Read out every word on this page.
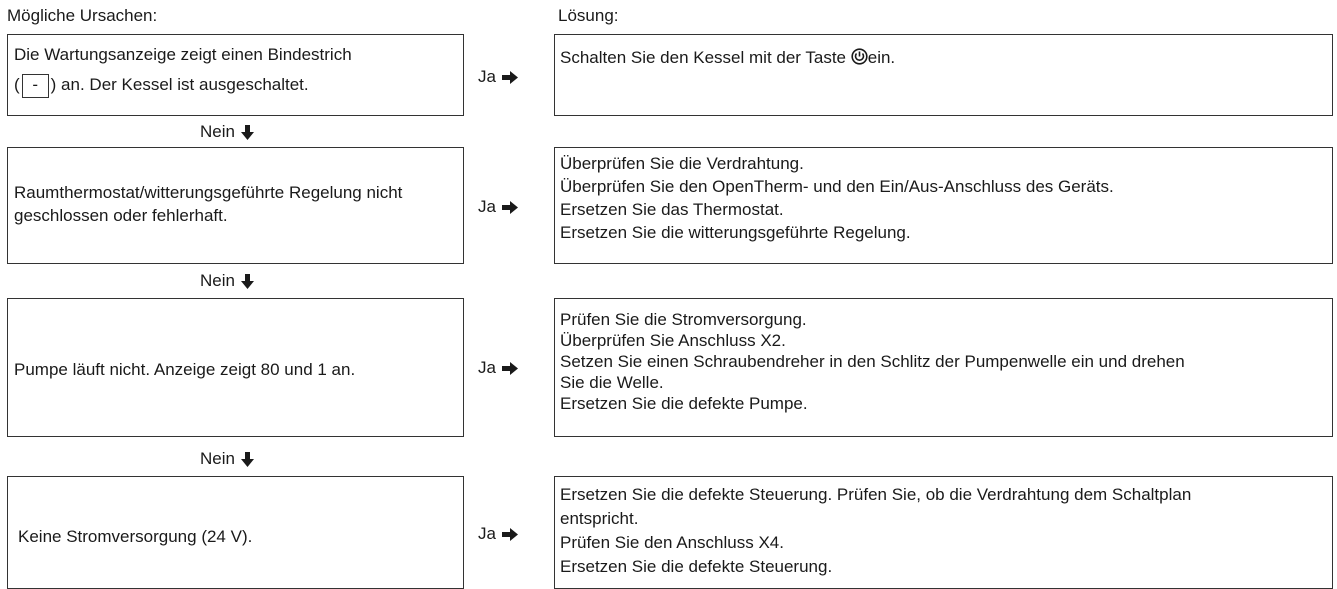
Mögliche Ursachen:	Lösung:
Die Wartungsanzeige zeigt einen Bindestrich
( - ) an. Der Kessel ist ausgeschaltet.	Ja
Schalten Sie den Kessel mit der Taste ein.
Nein
Raumthermostat/witterungsgeführte Regelung nicht geschlossen oder fehlerhaft.	Ja
Überprüfen Sie die Verdrahtung.
Überprüfen Sie den OpenTherm- und den Ein/Aus-Anschluss des Geräts.
Ersetzen Sie das Thermostat.
Ersetzen Sie die witterungsgeführte Regelung.
Nein
Pumpe läuft nicht. Anzeige zeigt 80 und 1 an.	Ja
Prüfen Sie die Stromversorgung.
Überprüfen Sie Anschluss X2.
Setzen Sie einen Schraubendreher in den Schlitz der Pumpenwelle ein und drehen
Sie die Welle.
Ersetzen Sie die defekte Pumpe.
Nein
Keine Stromversorgung (24 V).	Ja
Ersetzen Sie die defekte Steuerung. Prüfen Sie, ob die Verdrahtung dem Schaltplan
entspricht.
Prüfen Sie den Anschluss X4.
Ersetzen Sie die defekte Steuerung.
